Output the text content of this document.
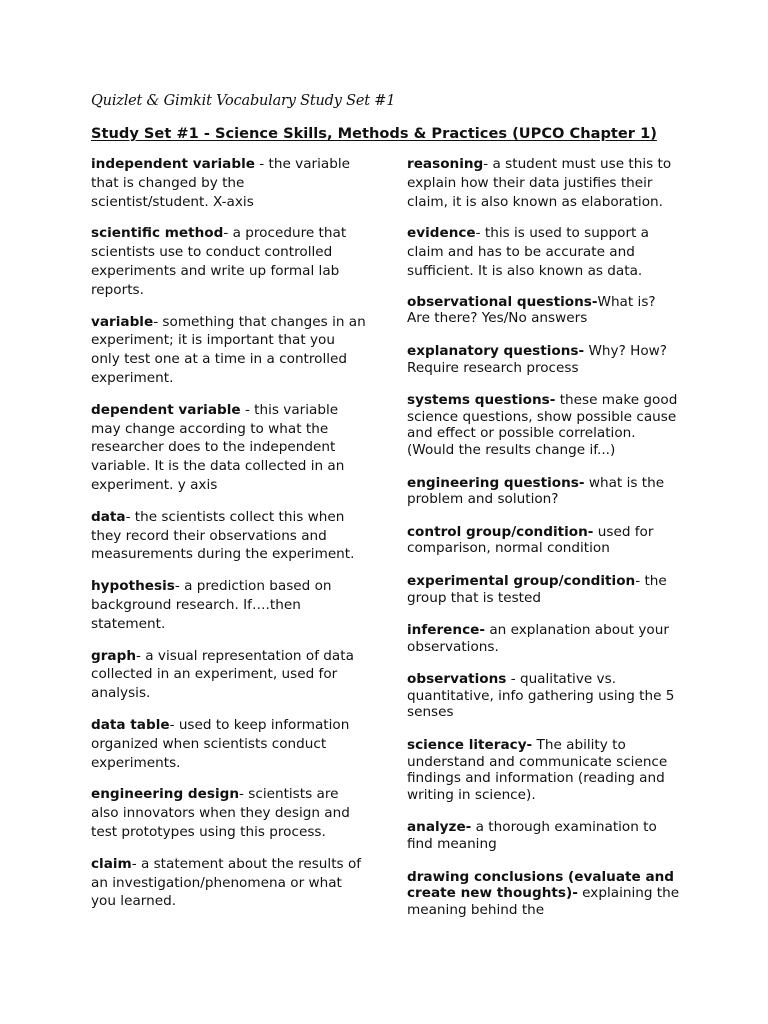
Quizlet & Gimkit Vocabulary Study Set #1
Study Set #1 - Science Skills, Methods & Practices (UPCO Chapter 1)

independent variable - the variable that is changed by the scientist/student. X-axis

scientific method- a procedure that scientists use to conduct controlled experiments and write up formal lab reports.

variable- something that changes in an experiment; it is important that you only test one at a time in a controlled experiment.

dependent variable - this variable may change according to what the researcher does to the independent variable. It is the data collected in an experiment. y axis

data- the scientists collect this when they record their observations and measurements during the experiment.

hypothesis- a prediction based on background research. If….then statement.

graph- a visual representation of data collected in an experiment, used for analysis.

data table- used to keep information organized when scientists conduct experiments.

engineering design- scientists are also innovators when they design and test prototypes using this process.

claim- a statement about the results of an investigation/phenomena or what you learned.

reasoning- a student must use this to explain how their data justifies their claim, it is also known as elaboration.

evidence- this is used to support a claim and has to be accurate and sufficient. It is also known as data.

observational questions-What is? Are there? Yes/No answers

explanatory questions- Why? How? Require research process

systems questions- these make good science questions, show possible cause and effect or possible correlation. (Would the results change if...)

engineering questions- what is the problem and solution?

control group/condition- used for comparison, normal condition

experimental group/condition- the group that is tested

inference- an explanation about your observations.

observations - qualitative vs. quantitative, info gathering using the 5 senses

science literacy- The ability to understand and communicate science findings and information (reading and writing in science).

analyze- a thorough examination to find meaning

drawing conclusions (evaluate and create new thoughts)- explaining the meaning behind the
